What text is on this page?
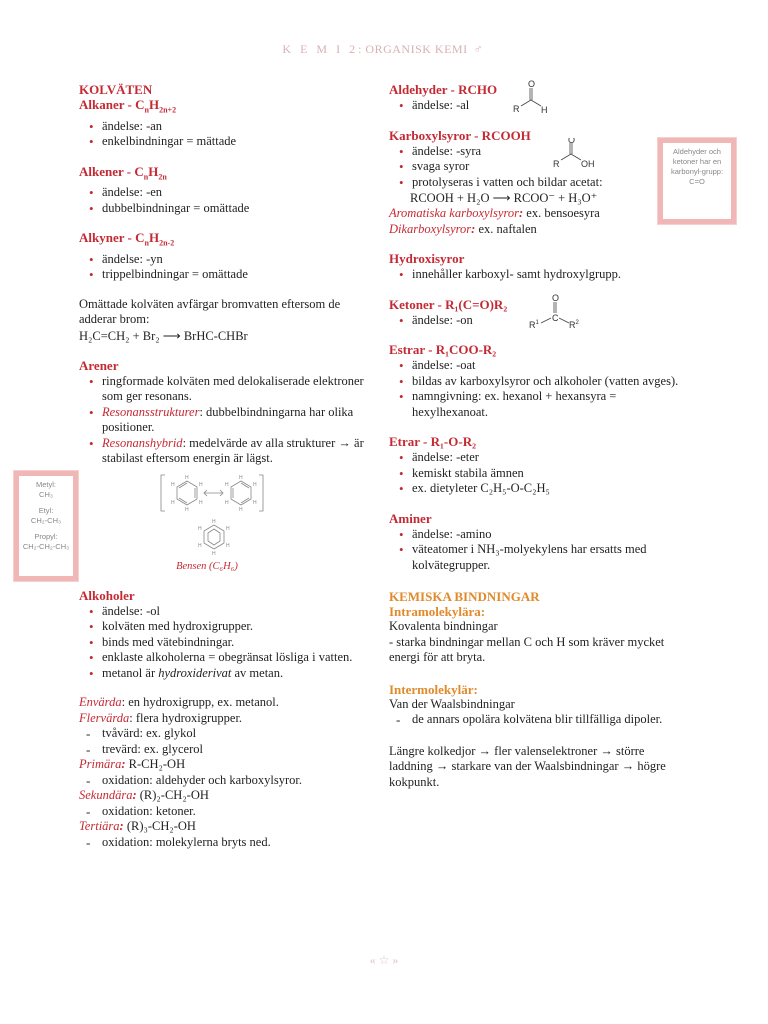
K E M I 2: ORGANISK KEMI ♂
KOLVÄTEN
Alkaner - $C_nH_{2n+2}$
• ändelse: -an
• enkelbindningar = mättade
Alkener - $C_nH_{2n}$
• ändelse: -en
• dubbelbindningar = omättade
Alkyner - $C_nH_{2n-2}$
• ändelse: -yn
• trippelbindningar = omättade
Omättade kolväten avfärgar bromvatten eftersom de adderar brom:
H₂C=CH₂ + Br₂ ⟶ BrHC-CHBr
Arener
• ringformade kolväten med delokaliserade elektroner som ger resonans.
• Resonansstrukturer: dubbelbindningarna har olika positioner.
• Resonanshybrid: medelvärde av alla strukturer → är stabilast eftersom energin är lägst.
H
H
H
H
H
H
H
H
H
H
H
H
H
H
H
H
H
H
Bensen (C₆H₆)
Alkoholer
• ändelse: -ol
• kolväten med hydroxigrupper.
• binds med vätebindningar.
• enklaste alkoholerna = obegränsat lösliga i vatten.
• metanol är hydroxiderivat av metan.
Envärda: en hydroxigrupp, ex. metanol.
Flervärda: flera hydroxigrupper.
- tvåvärd: ex. glykol
- trevärd: ex. glycerol
Primära: R-CH₂-OH
- oxidation: aldehyder och karboxylsyror.
Sekundära: (R)₂-CH₂-OH
- oxidation: ketoner.
Tertiära: (R)₃-CH₂-OH
- oxidation: molekylerna bryts ned.
Aldehyder - RCHO
• ändelse: -al	R H
O
Karboxylsyror - RCOOH
• ändelse: -syra
• svaga syror
• protolyseras i vatten och bildar acetat:
RCOOH + H₂O ⟶ RCOO⁻ + H₃O⁺
Aromatiska karboxylsyror: ex. bensoesyra
Dikarboxylsyror: ex. naftalen
R OH
O
Hydroxisyror
• innehåller karboxyl- samt hydroxylgrupp.
Ketoner - R₁(C=O)R₂
• ändelse: -on	$R^1$	$R^2$
C
O
Estrar - R₁COO-R₂
• ändelse: -oat
• bildas av karboxylsyror och alkoholer (vatten avges).
• namngivning: ex. hexanol + hexansyra = hexylhexanoat.
Etrar - R₁-O-R₂
• ändelse: -eter
• kemiskt stabila ämnen
• ex. dietyleter C₂H₅-O-C₂H₅
Aminer
• ändelse: -amino
• väteatomer i NH₃-molyekylens har ersatts med kolvätegrupper.
KEMISKA BINDNINGAR
Intramolekylära:
Kovalenta bindningar
- starka bindningar mellan C och H som kräver mycket energi för att bryta.
Intermolekylär:
Van der Waalsbindningar
- de annars opolära kolvätena blir tillfälliga dipoler.
Längre kolkedjor → fler valenselektroner → större laddning → starkare van der Waalsbindningar → högre kokpunkt.
Metyl:
CH₃
Etyl:
CH₂-CH₃
Propyl:
CH₂-CH₂-CH₃
Aldehyder och ketoner har en karbonyl-grupp: C=O
« ☆ »
